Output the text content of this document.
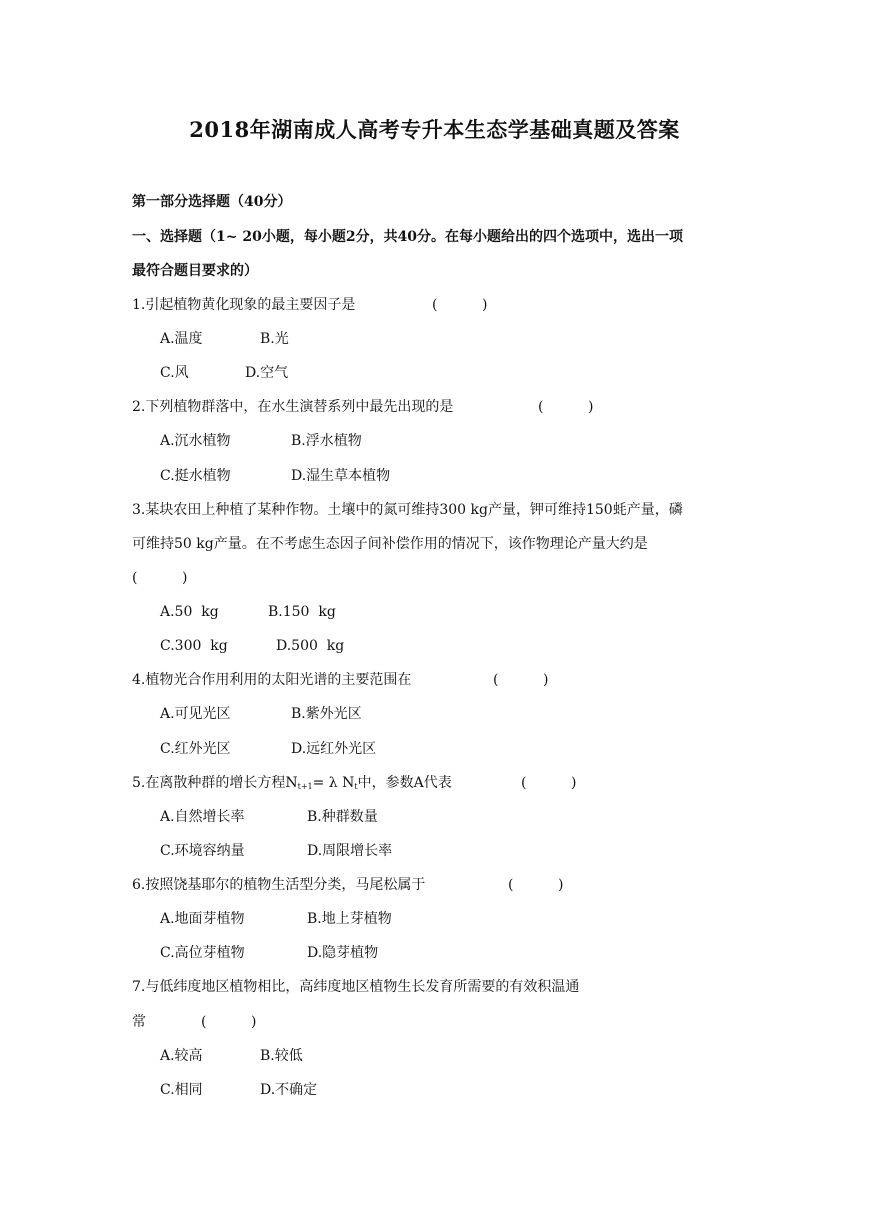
2018年湖南成人高考专升本生态学基础真题及答案
第一部分选择题（40分）
一、选择题（1~ 20小题，每小题2分，共40分。在每小题给出的四个选项中，选出一项
最符合题目要求的）
1.引起植物黄化现象的最主要因子是	(          )
A.温度	B.光
C.风	D.空气
2.下列植物群落中，在水生演替系列中最先出现的是	(          )
A.沉水植物	B.浮水植物
C.挺水植物	D.湿生草本植物
3.某块农田上种植了某种作物。土壤中的氮可维持300 kg产量，钾可维持150蚝产量，磷
可维持50 kg产量。在不考虑生态因子间补偿作用的情况下，该作物理论产量大约是
(          )
A.50  kg	B.150  kg
C.300  kg	D.500  kg
4.植物光合作用利用的太阳光谱的主要范围在	(          )
A.可见光区	B.紫外光区
C.红外光区	D.远红外光区
5.在离散种群的增长方程$N_{t+1}= \lambda$ $N_t$中，参数A代表	(          )
A.自然增长率	B.种群数量
C.环境容纳量	D.周限增长率
6.按照饶基耶尔的植物生活型分类，马尾松属于	(          )
A.地面芽植物	B.地上芽植物
C.高位芽植物	D.隐芽植物
7.与低纬度地区植物相比，高纬度地区植物生长发育所需要的有效积温通
常	(          )
A.较高	B.较低
C.相同	D.不确定
